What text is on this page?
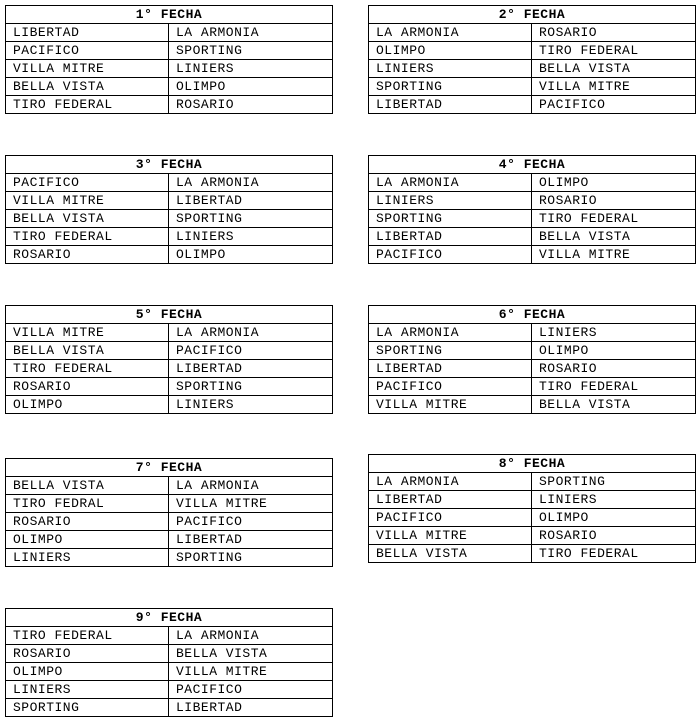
1° FECHA	
LIBERTAD	LA ARMONIA
PACIFICO	SPORTING
VILLA MITRE	LINIERS
BELLA VISTA	OLIMPO
TIRO FEDERAL	ROSARIO
2° FECHA	
LA ARMONIA	ROSARIO
OLIMPO	TIRO FEDERAL
LINIERS	BELLA VISTA
SPORTING	VILLA MITRE
LIBERTAD	PACIFICO
3° FECHA	
PACIFICO	LA ARMONIA
VILLA MITRE	LIBERTAD
BELLA VISTA	SPORTING
TIRO FEDERAL	LINIERS
ROSARIO	OLIMPO
4° FECHA	
LA ARMONIA	OLIMPO
LINIERS	ROSARIO
SPORTING	TIRO FEDERAL
LIBERTAD	BELLA VISTA
PACIFICO	VILLA MITRE
5° FECHA	
VILLA MITRE	LA ARMONIA
BELLA VISTA	PACIFICO
TIRO FEDERAL	LIBERTAD
ROSARIO	SPORTING
OLIMPO	LINIERS
6° FECHA	
LA ARMONIA	LINIERS
SPORTING	OLIMPO
LIBERTAD	ROSARIO
PACIFICO	TIRO FEDERAL
VILLA MITRE	BELLA VISTA
7° FECHA	
BELLA VISTA	LA ARMONIA
TIRO FEDRAL	VILLA MITRE
ROSARIO	PACIFICO
OLIMPO	LIBERTAD
LINIERS	SPORTING
8° FECHA	
LA ARMONIA	SPORTING
LIBERTAD	LINIERS
PACIFICO	OLIMPO
VILLA MITRE	ROSARIO
BELLA VISTA	TIRO FEDERAL
9° FECHA	
TIRO FEDERAL	LA ARMONIA
ROSARIO	BELLA VISTA
OLIMPO	VILLA MITRE
LINIERS	PACIFICO
SPORTING	LIBERTAD
